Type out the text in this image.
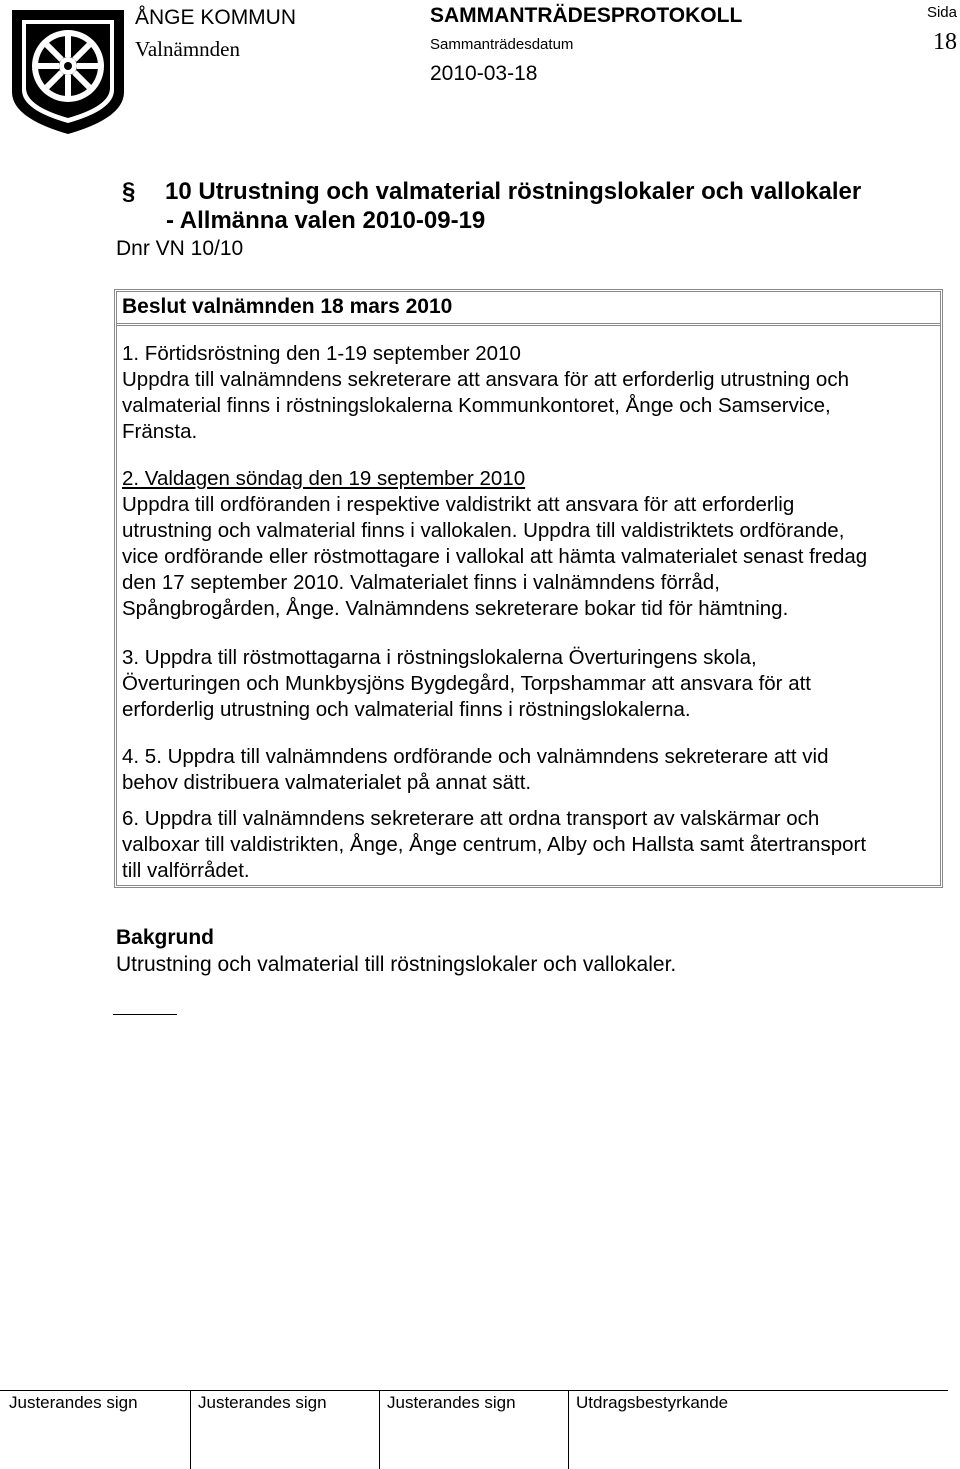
ÅNGE KOMMUN
Valnämnden
SAMMANTRÄDESPROTOKOLL
Sammanträdesdatum
2010-03-18
Sida
18
§ 10 Utrustning och valmaterial röstningslokaler och vallokaler
- Allmänna valen 2010-09-19
Dnr VN 10/10
Beslut valnämnden 18 mars 2010
1. Förtidsröstning den 1-19 september 2010
Uppdra till valnämndens sekreterare att ansvara för att erforderlig utrustning och
valmaterial finns i röstningslokalerna Kommunkontoret, Ånge och Samservice,
Fränsta.
2. Valdagen söndag den 19 september 2010
Uppdra till ordföranden i respektive valdistrikt att ansvara för att erforderlig
utrustning och valmaterial finns i vallokalen. Uppdra till valdistriktets ordförande,
vice ordförande eller röstmottagare i vallokal att hämta valmaterialet senast fredag
den 17 september 2010. Valmaterialet finns i valnämndens förråd,
Spångbrogården, Ånge. Valnämndens sekreterare bokar tid för hämtning.
3. Uppdra till röstmottagarna i röstningslokalerna Överturingens skola,
Överturingen och Munkbysjöns Bygdegård, Torpshammar att ansvara för att
erforderlig utrustning och valmaterial finns i röstningslokalerna.
4. 5. Uppdra till valnämndens ordförande och valnämndens sekreterare att vid
behov distribuera valmaterialet på annat sätt.
6. Uppdra till valnämndens sekreterare att ordna transport av valskärmar och
valboxar till valdistrikten, Ånge, Ånge centrum, Alby och Hallsta samt återtransport
till valförrådet.
Bakgrund
Utrustning och valmaterial till röstningslokaler och vallokaler.
Justerandes sign	Justerandes sign	Justerandes sign	Utdragsbestyrkande
